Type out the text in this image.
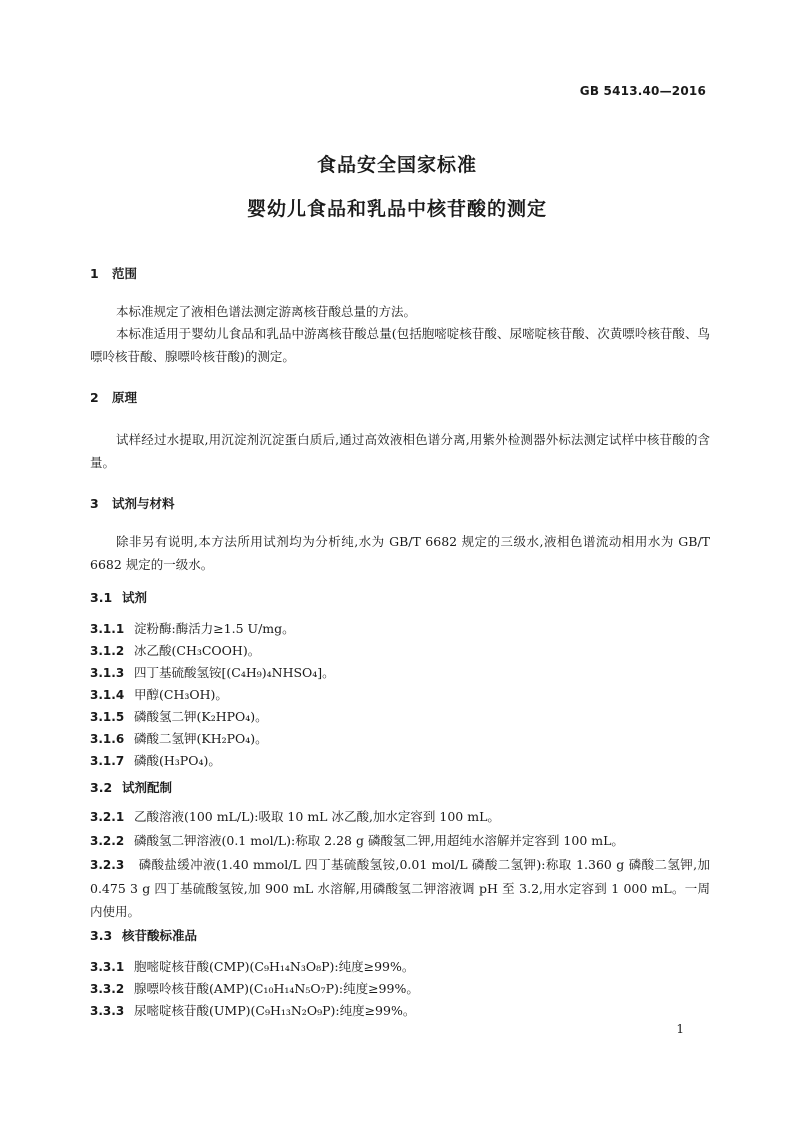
GB 5413.40—2016
食品安全国家标准
婴幼儿食品和乳品中核苷酸的测定
1 范围
本标准规定了液相色谱法测定游离核苷酸总量的方法。
本标准适用于婴幼儿食品和乳品中游离核苷酸总量(包括胞嘧啶核苷酸、尿嘧啶核苷酸、次黄嘌呤核苷酸、鸟嘌呤核苷酸、腺嘌呤核苷酸)的测定。
2 原理
试样经过水提取,用沉淀剂沉淀蛋白质后,通过高效液相色谱分离,用紫外检测器外标法测定试样中核苷酸的含量。
3 试剂与材料
除非另有说明,本方法所用试剂均为分析纯,水为 GB/T 6682 规定的三级水,液相色谱流动相用水为 GB/T 6682 规定的一级水。
3.1 试剂
3.1.1 淀粉酶:酶活力≥1.5 U/mg。
3.1.2 冰乙酸(CH₃COOH)。
3.1.3 四丁基硫酸氢铵[(C₄H₉)₄NHSO₄]。
3.1.4 甲醇(CH₃OH)。
3.1.5 磷酸氢二钾(K₂HPO₄)。
3.1.6 磷酸二氢钾(KH₂PO₄)。
3.1.7 磷酸(H₃PO₄)。
3.2 试剂配制
3.2.1 乙酸溶液(100 mL/L):吸取 10 mL 冰乙酸,加水定容到 100 mL。
3.2.2 磷酸氢二钾溶液(0.1 mol/L):称取 2.28 g 磷酸氢二钾,用超纯水溶解并定容到 100 mL。
3.2.3 磷酸盐缓冲液(1.40 mmol/L 四丁基硫酸氢铵,0.01 mol/L 磷酸二氢钾):称取 1.360 g 磷酸二氢钾,加 0.475 3 g 四丁基硫酸氢铵,加 900 mL 水溶解,用磷酸氢二钾溶液调 pH 至 3.2,用水定容到 1 000 mL。一周内使用。
3.3 核苷酸标准品
3.3.1 胞嘧啶核苷酸(CMP)(C₉H₁₄N₃O₈P):纯度≥99%。
3.3.2 腺嘌呤核苷酸(AMP)(C₁₀H₁₄N₅O₇P):纯度≥99%。
3.3.3 尿嘧啶核苷酸(UMP)(C₉H₁₃N₂O₉P):纯度≥99%。
1
